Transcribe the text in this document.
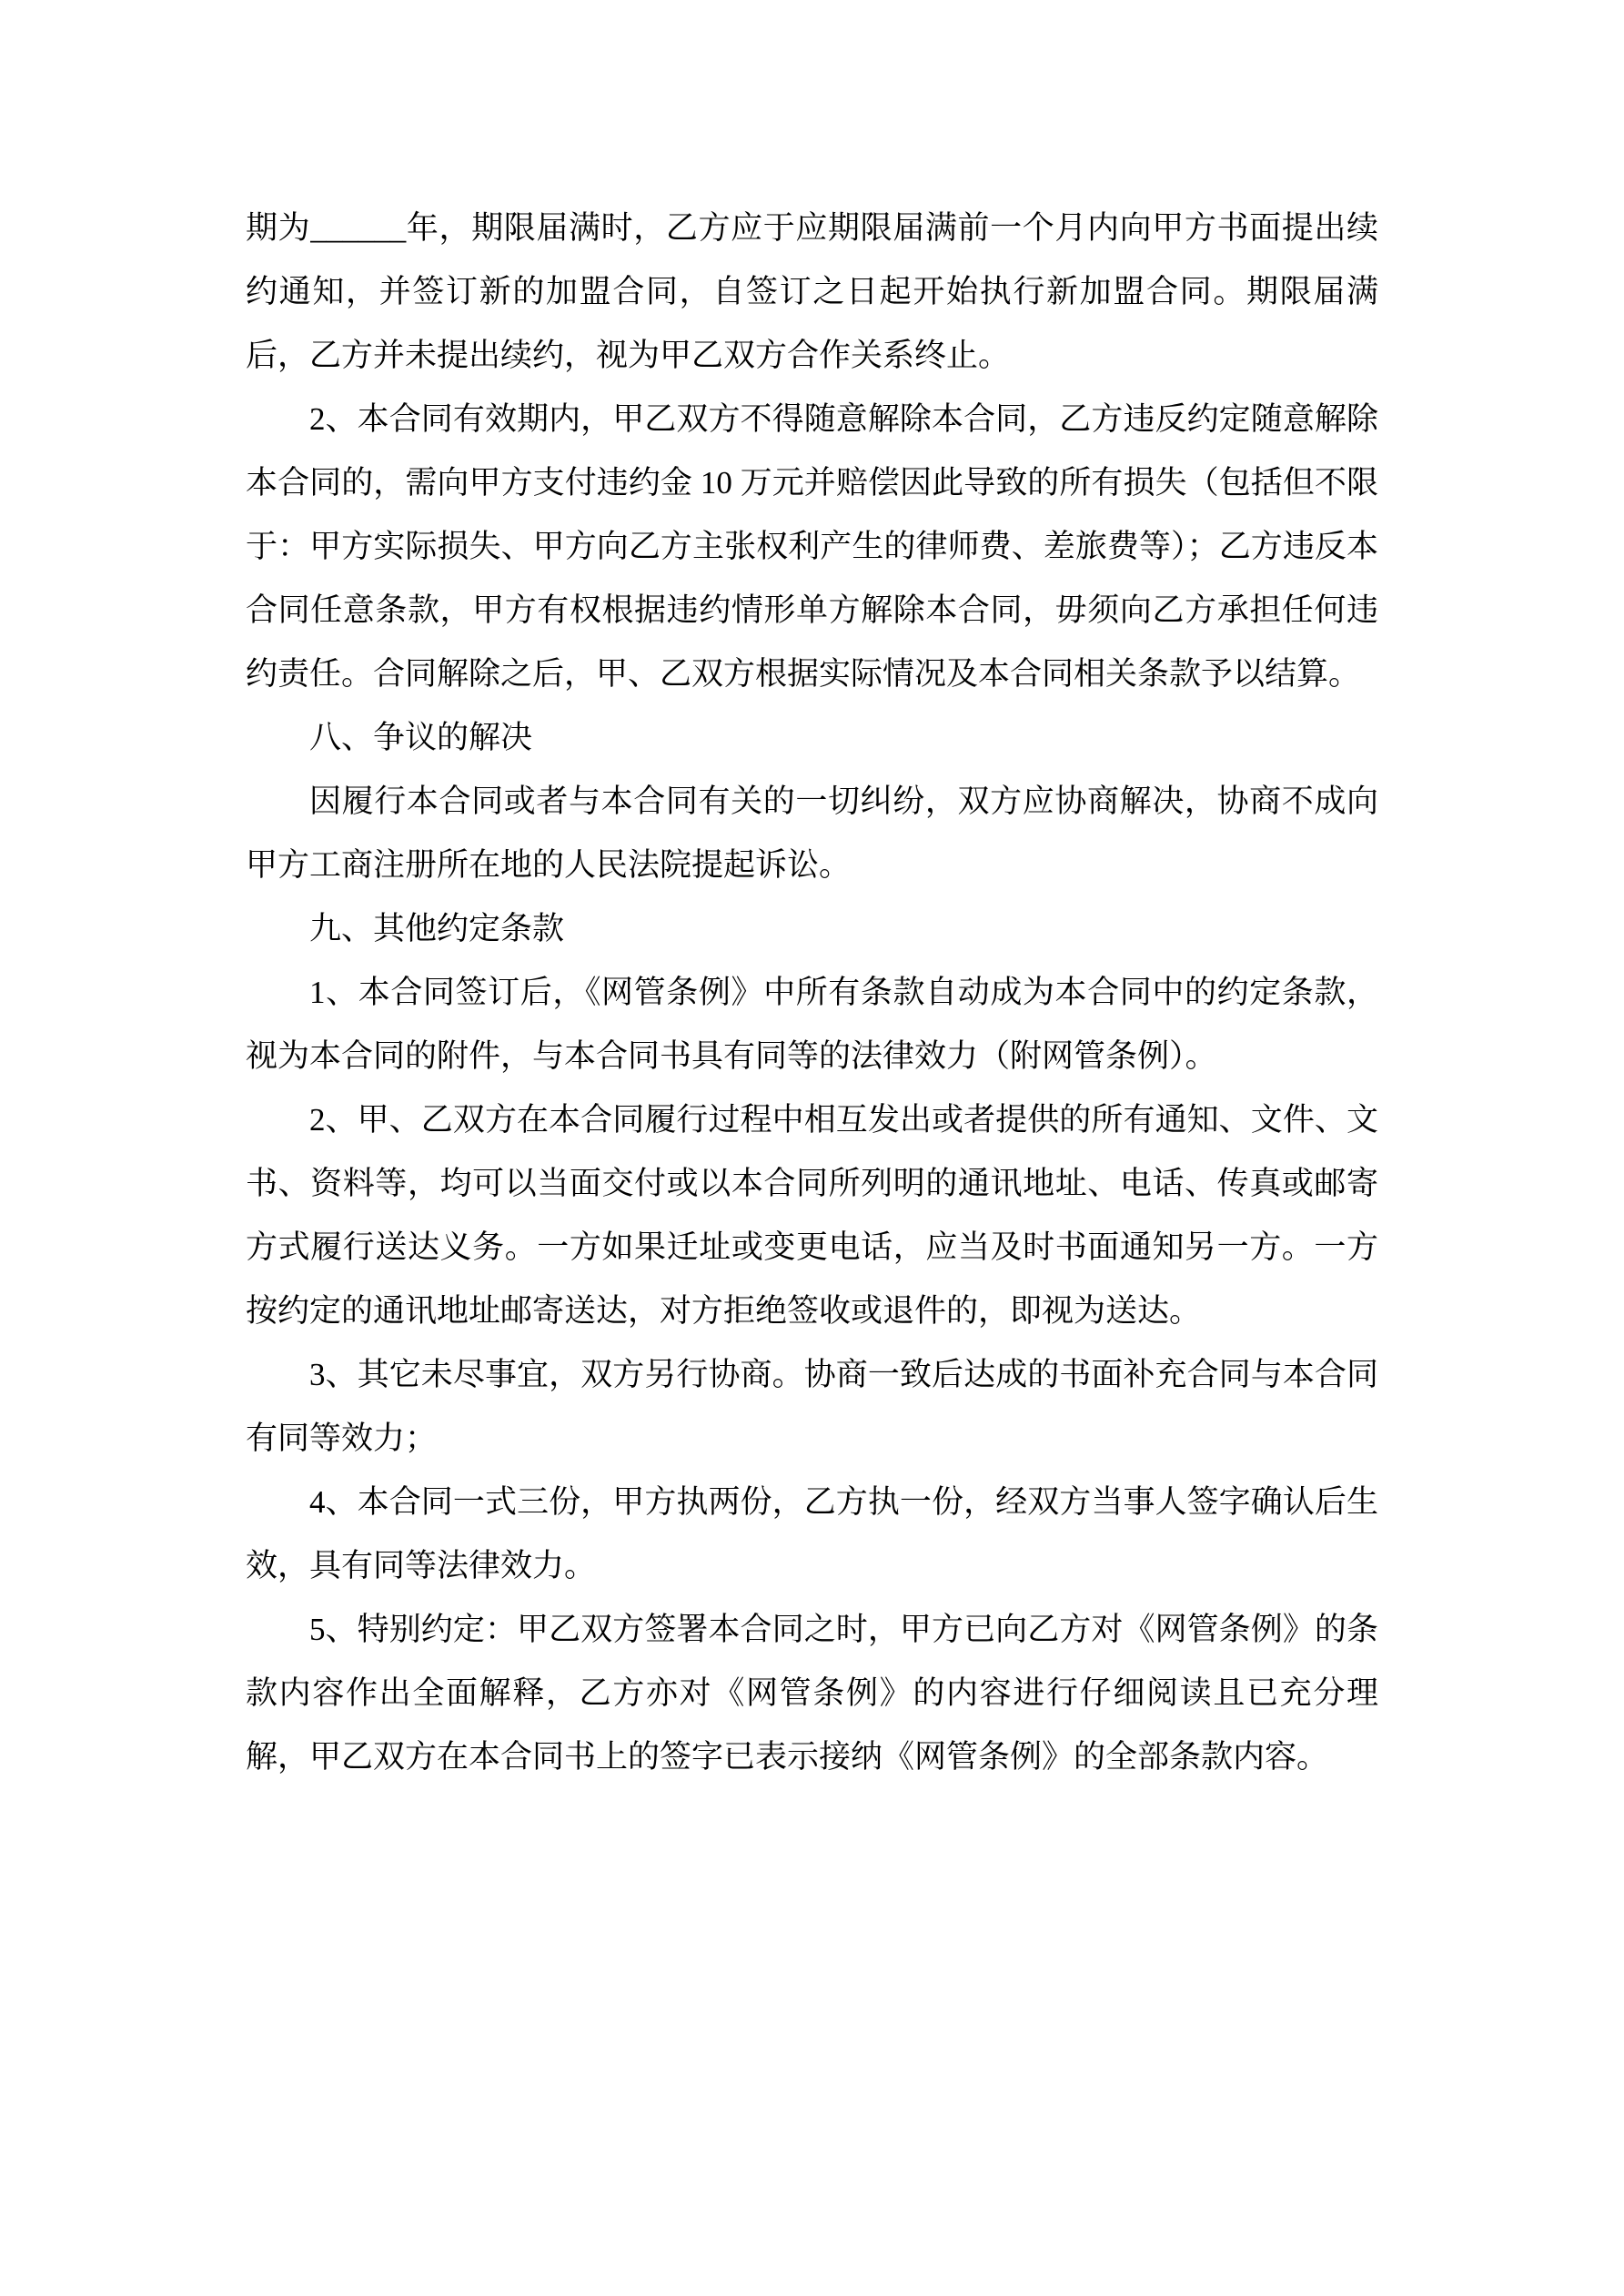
期为______年，期限届满时，乙方应于应期限届满前一个月内向甲方书面提出续约通知，并签订新的加盟合同，自签订之日起开始执行新加盟合同。期限届满后，乙方并未提出续约，视为甲乙双方合作关系终止。

2、本合同有效期内，甲乙双方不得随意解除本合同，乙方违反约定随意解除本合同的，需向甲方支付违约金 10 万元并赔偿因此导致的所有损失（包括但不限于：甲方实际损失、甲方向乙方主张权利产生的律师费、差旅费等）；乙方违反本合同任意条款，甲方有权根据违约情形单方解除本合同，毋须向乙方承担任何违约责任。合同解除之后，甲、乙双方根据实际情况及本合同相关条款予以结算。

八、争议的解决

因履行本合同或者与本合同有关的一切纠纷，双方应协商解决，协商不成向甲方工商注册所在地的人民法院提起诉讼。

九、其他约定条款

1、本合同签订后，《网管条例》中所有条款自动成为本合同中的约定条款，视为本合同的附件，与本合同书具有同等的法律效力（附网管条例）。

2、甲、乙双方在本合同履行过程中相互发出或者提供的所有通知、文件、文书、资料等，均可以当面交付或以本合同所列明的通讯地址、电话、传真或邮寄方式履行送达义务。一方如果迁址或变更电话，应当及时书面通知另一方。一方按约定的通讯地址邮寄送达，对方拒绝签收或退件的，即视为送达。

3、其它未尽事宜，双方另行协商。协商一致后达成的书面补充合同与本合同有同等效力；

4、本合同一式三份，甲方执两份，乙方执一份，经双方当事人签字确认后生效，具有同等法律效力。

5、特别约定：甲乙双方签署本合同之时，甲方已向乙方对《网管条例》的条款内容作出全面解释，乙方亦对《网管条例》的内容进行仔细阅读且已充分理解，甲乙双方在本合同书上的签字已表示接纳《网管条例》的全部条款内容。
